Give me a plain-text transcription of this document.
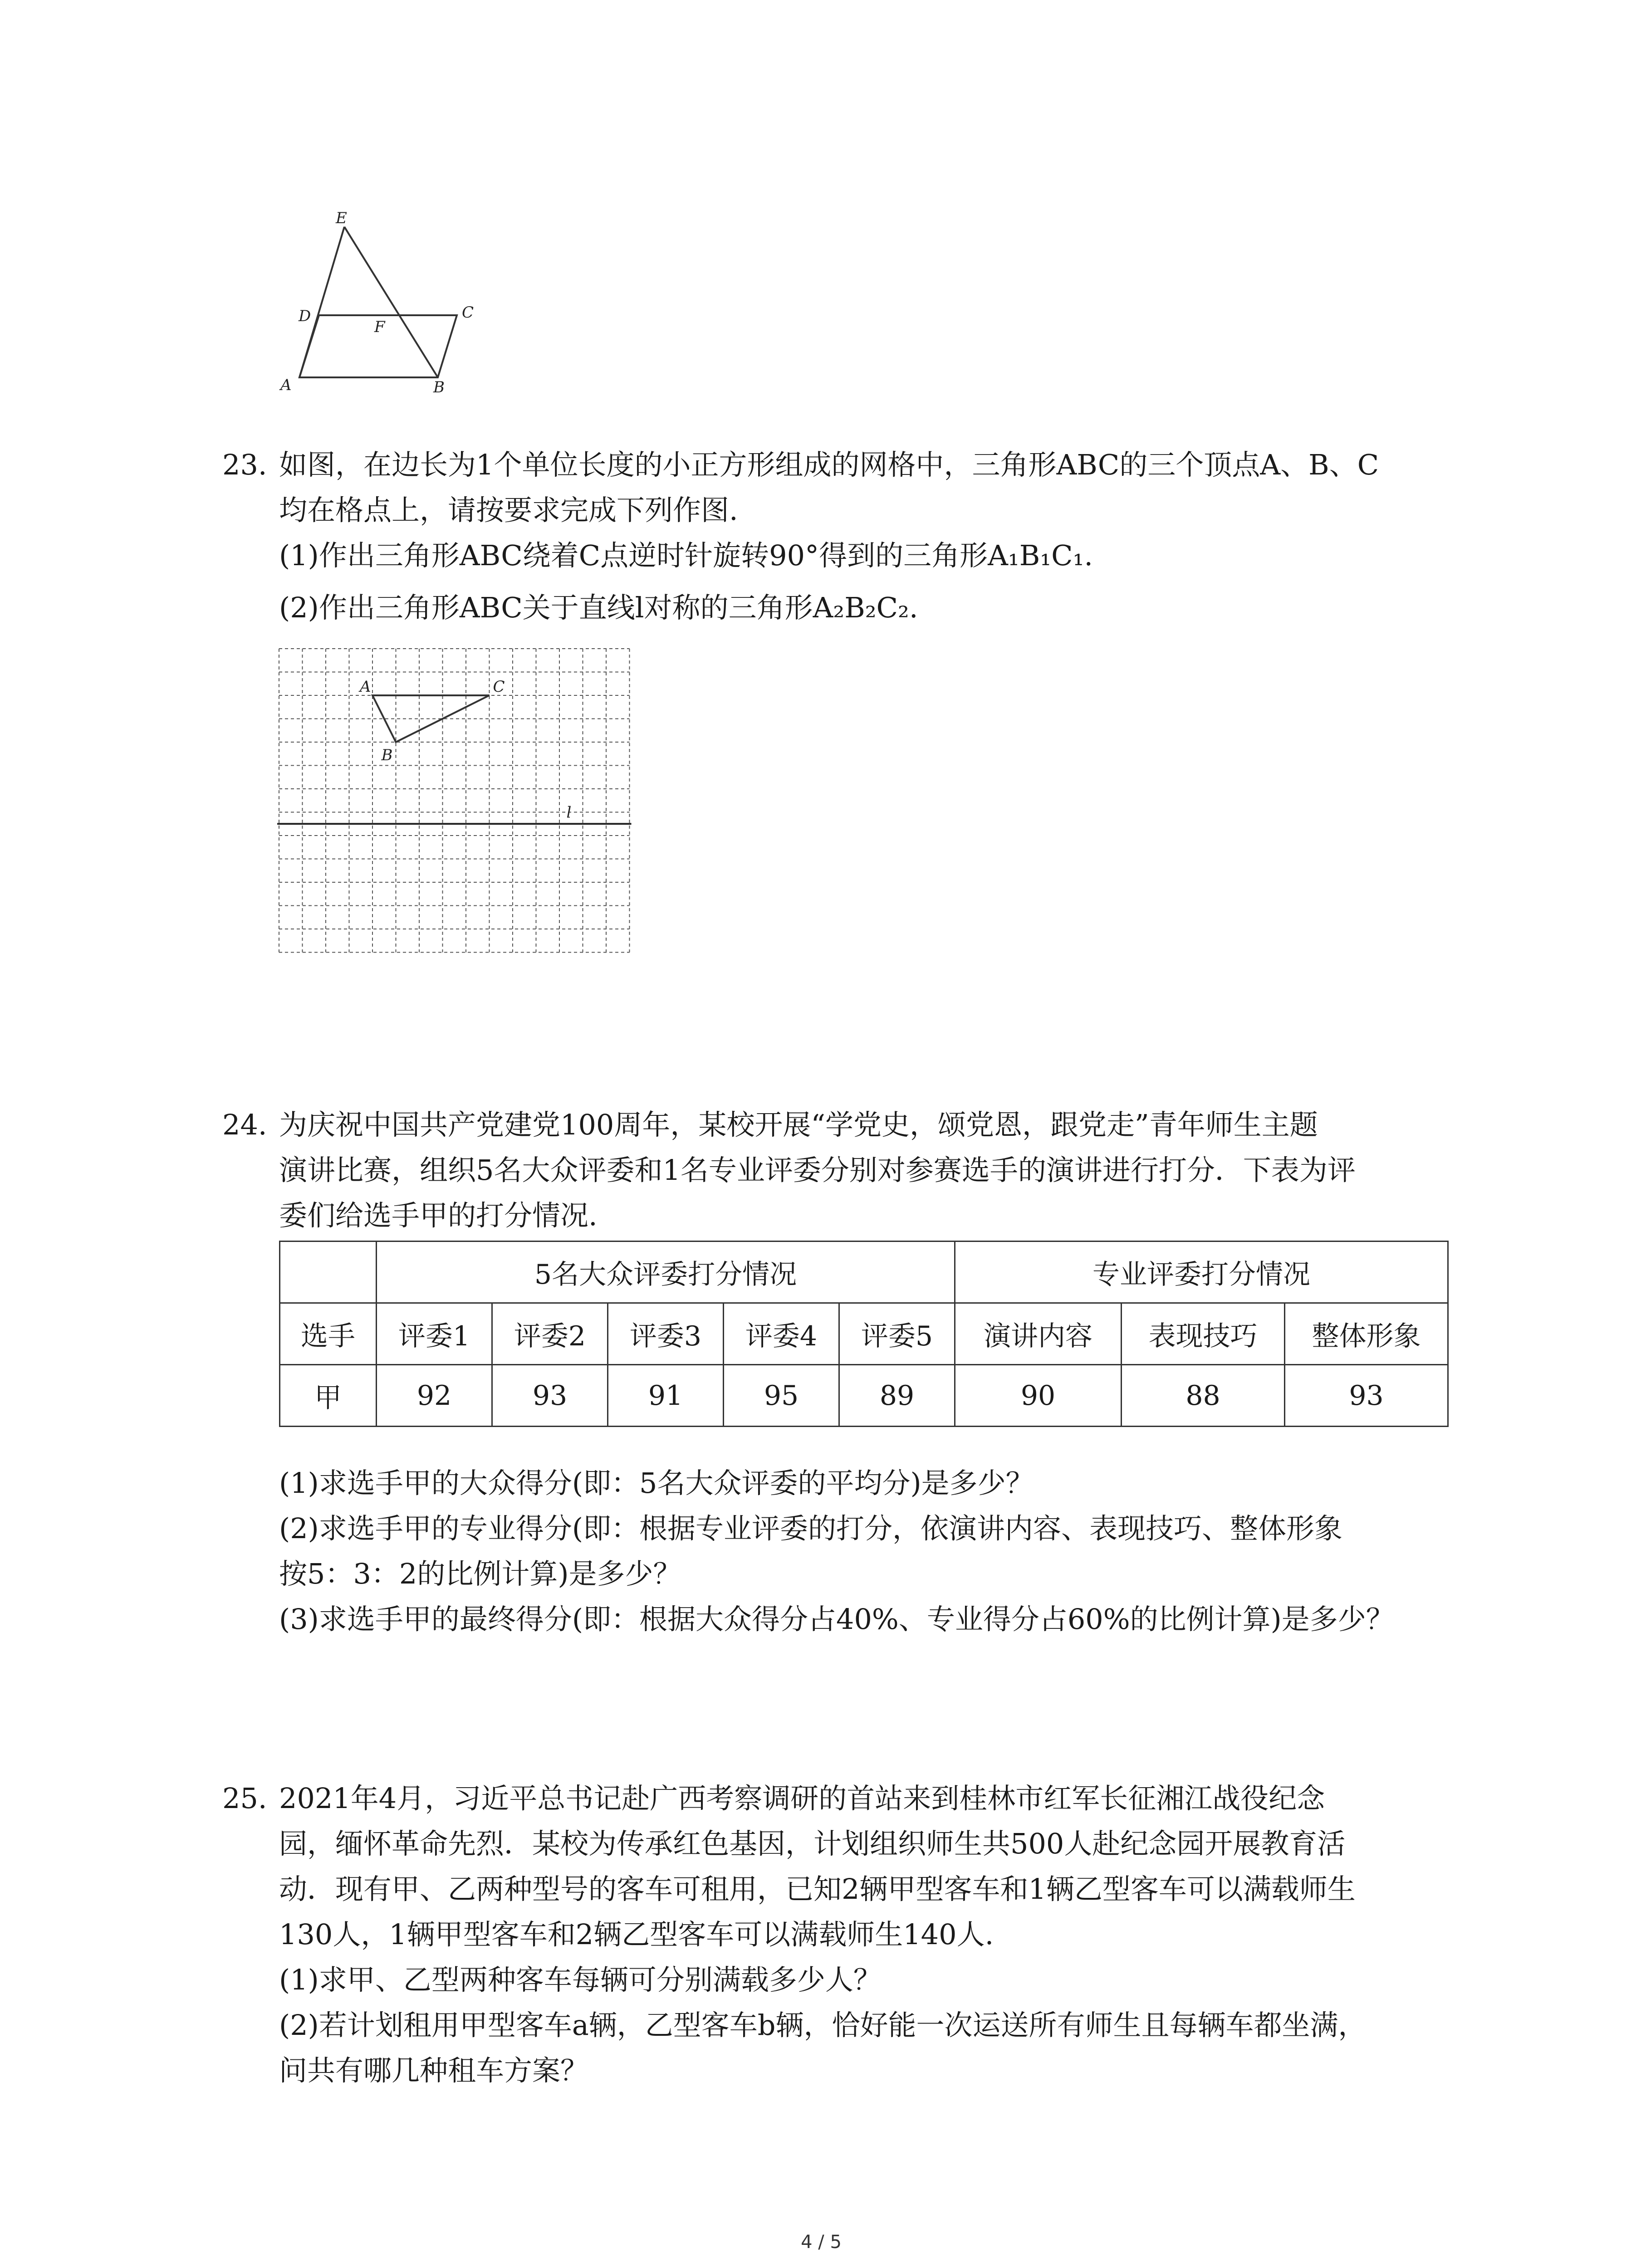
E
D
F
C
A	B
23. 如图，在边长为1个单位长度的小正方形组成的网格中，三角形ABC的三个顶点A、B、C
均在格点上，请按要求完成下列作图.
(1)作出三角形ABC绕着C点逆时针旋转90°得到的三角形A₁B₁C₁.
(2)作出三角形ABC关于直线l对称的三角形A₂B₂C₂.
A
B
C
l
24. 为庆祝中国共产党建党100周年，某校开展“学党史，颂党恩，跟党走”青年师生主题
演讲比赛，组织5名大众评委和1名专业评委分别对参赛选手的演讲进行打分．下表为评
委们给选手甲的打分情况.
	5名大众评委打分情况					专业评委打分情况		
选手	评委1	评委2	评委3	评委4	评委5	演讲内容	表现技巧	整体形象
甲	92	93	91	95	89	90	88	93
(1)求选手甲的大众得分(即：5名大众评委的平均分)是多少？
(2)求选手甲的专业得分(即：根据专业评委的打分，依演讲内容、表现技巧、整体形象
按5：3：2的比例计算)是多少？
(3)求选手甲的最终得分(即：根据大众得分占40%、专业得分占60%的比例计算)是多少？
25. 2021年4月，习近平总书记赴广西考察调研的首站来到桂林市红军长征湘江战役纪念
园，缅怀革命先烈．某校为传承红色基因，计划组织师生共500人赴纪念园开展教育活
动．现有甲、乙两种型号的客车可租用，已知2辆甲型客车和1辆乙型客车可以满载师生
130人，1辆甲型客车和2辆乙型客车可以满载师生140人.
(1)求甲、乙型两种客车每辆可分别满载多少人？
(2)若计划租用甲型客车a辆，乙型客车b辆，恰好能一次运送所有师生且每辆车都坐满，
问共有哪几种租车方案？
4 / 5
